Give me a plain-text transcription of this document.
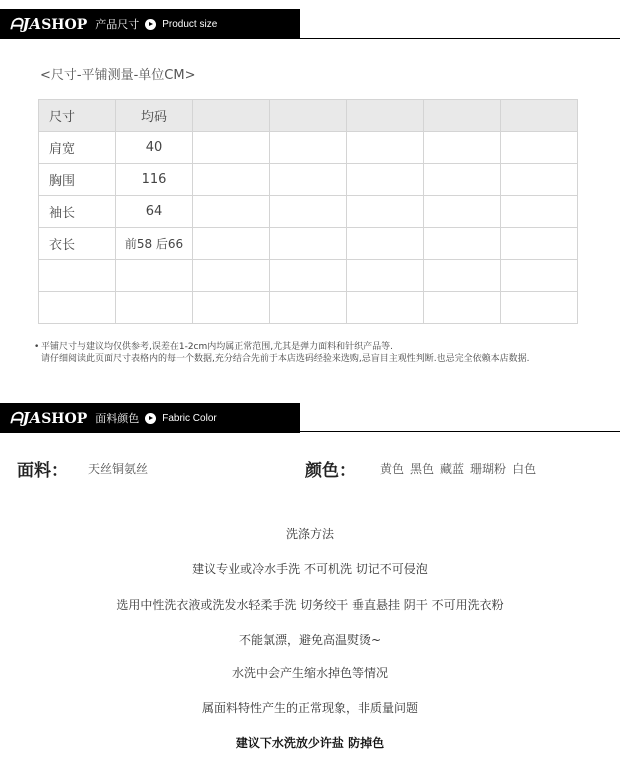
ᗩJASHOP 产品尺寸 Product size
<尺寸-平铺测量-单位CM>
尺寸	均码					
肩宽	40					
胸围	116					
袖长	64					
衣长	前58 后66					

• 平铺尺寸与建议均仅供参考,误差在1-2cm内均属正常范围,尤其是弹力面料和针织产品等.
请仔细阅读此页面尺寸表格内的每一个数据,充分结合先前于本店选码经验来选购,忌盲目主观性判断.也忌完全依赖本店数据.
ᗩJASHOP 面料颜色 Fabric Color
面料： 天丝铜氨丝	颜色： 黄色 黑色 藏蓝 珊瑚粉 白色
洗涤方法
建议专业或冷水手洗 不可机洗 切记不可侵泡
选用中性洗衣液或洗发水轻柔手洗 切务绞干 垂直悬挂 阴干 不可用洗衣粉
不能氯漂，避免高温熨烫~
水洗中会产生缩水掉色等情况
属面料特性产生的正常现象，非质量问题
建议下水洗放少许盐 防掉色
